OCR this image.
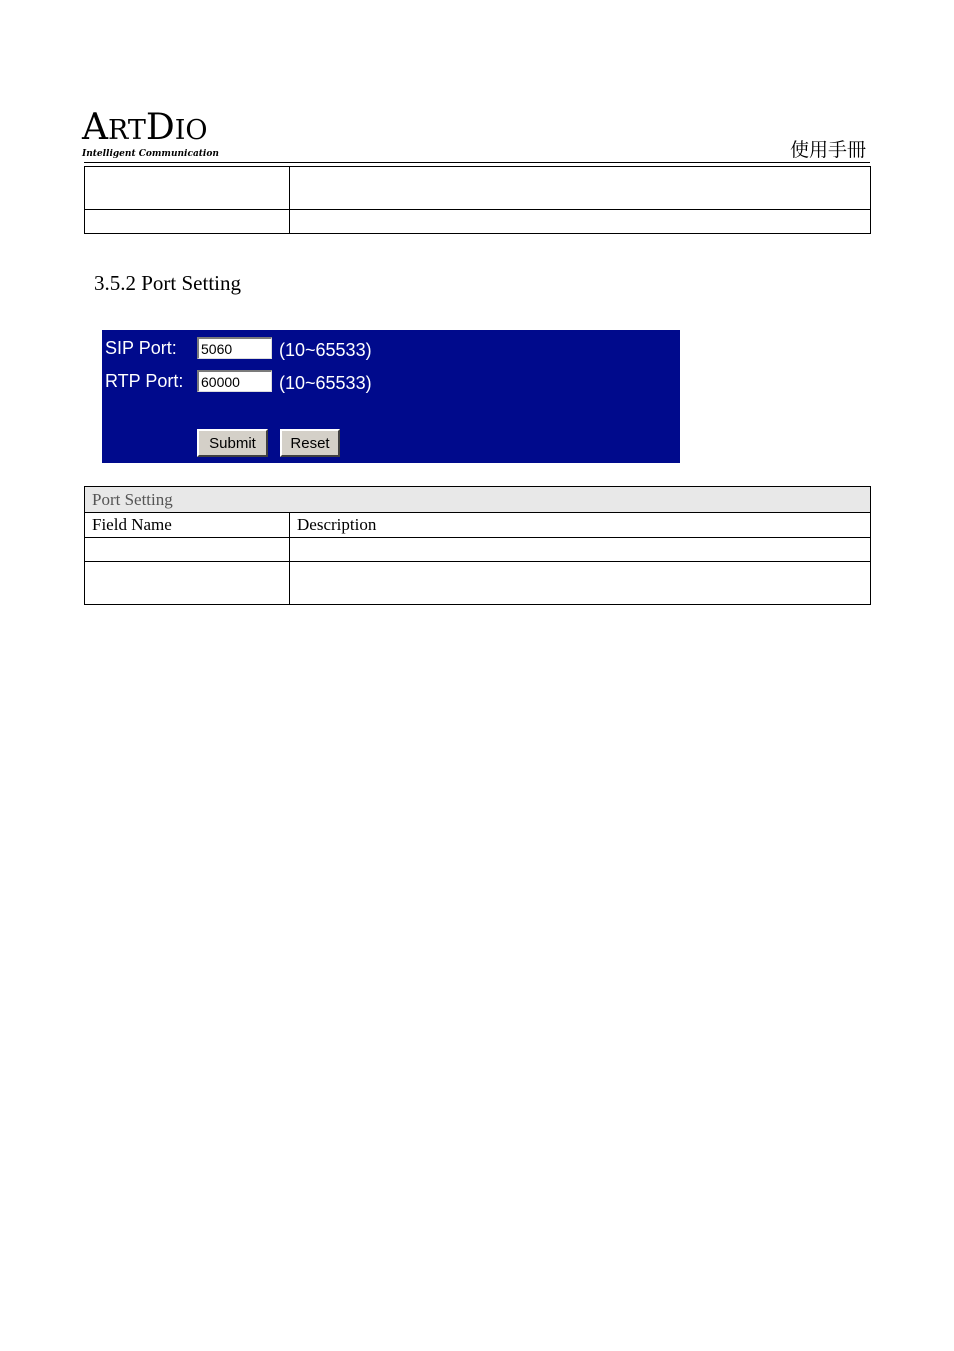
ARTDIO
Intelligent Communication	使用手冊

3.5.2 Port Setting
SIP Port:
5060	(10~65533)
RTP Port:
60000	(10~65533)
Submit	Reset
Port Setting	
Field Name	Description
